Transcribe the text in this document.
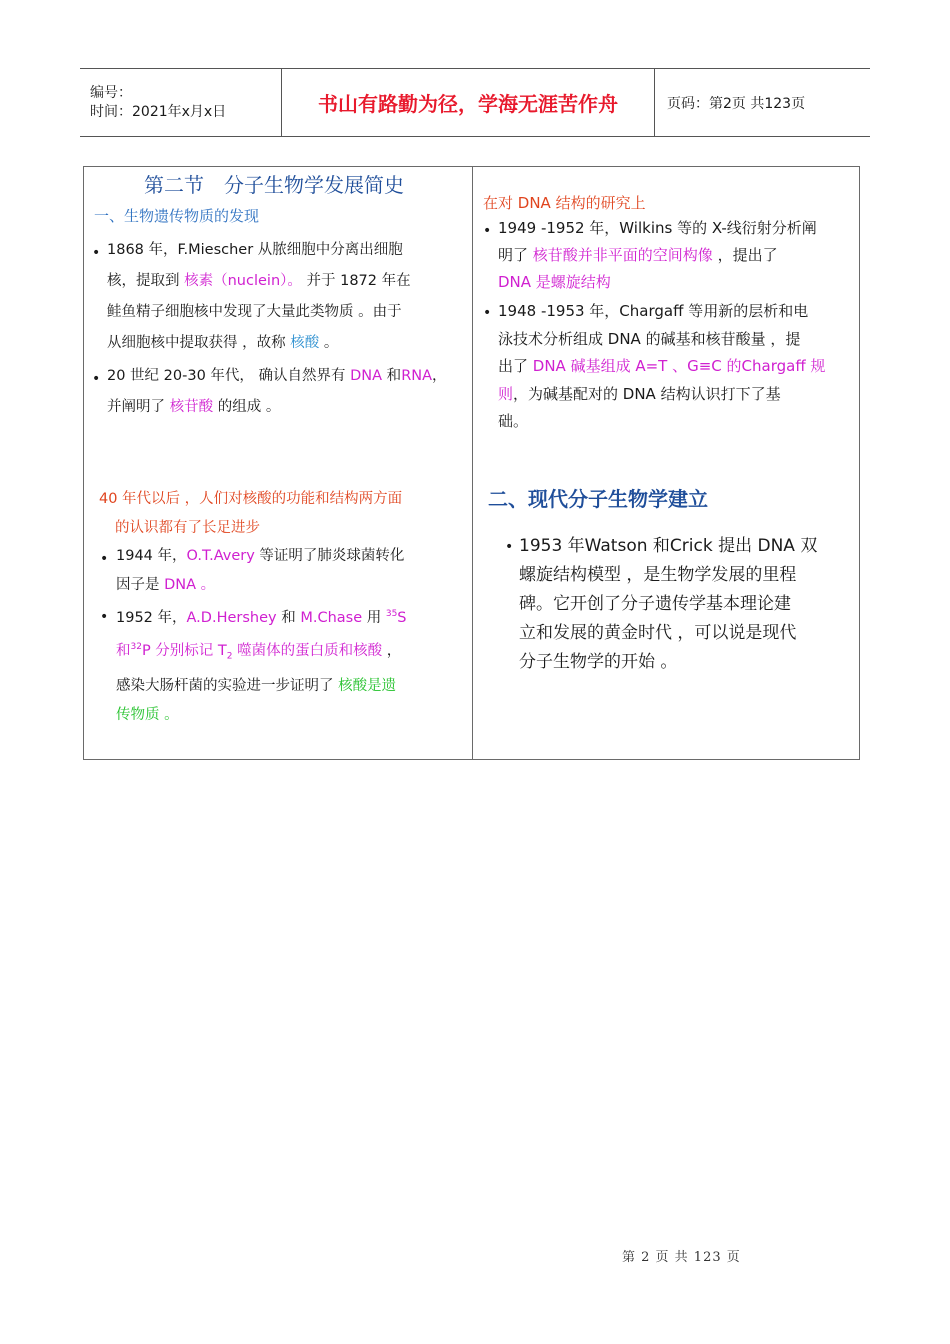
编号：
时间：2021年x月x日	书山有路勤为径，学海无涯苦作舟	页码：第2页 共123页
第二节　分子生物学发展简史
一、生物遗传物质的发现
• 1868 年，F.Miescher 从脓细胞中分离出细胞
核，提取到 核素（nuclein）。 并于 1872 年在
鲑鱼精子细胞核中发现了大量此类物质 。由于
从细胞核中提取获得 ，故称 核酸 。
• 20 世纪 20-30 年代， 确认自然界有 DNA 和RNA，
并阐明了 核苷酸 的组成 。
40 年代以后 ，人们对核酸的功能和结构两方面
的认识都有了长足进步
• 1944 年，O.T.Avery 等证明了肺炎球菌转化
因子是 DNA 。
• 1952 年，A.D.Hershey 和 M.Chase 用 $^{35}$S
和$^{32}$P 分别标记 $T_2$ 噬菌体的蛋白质和核酸 ，
感染大肠杆菌的实验进一步证明了 核酸是遗
传物质 。
在对 DNA 结构的研究上
• 1949 -1952 年，Wilkins 等的 X-线衍射分析阐
明了 核苷酸并非平面的空间构像 ，提出了
DNA 是螺旋结构
• 1948 -1953 年，Chargaff 等用新的层析和电
泳技术分析组成 DNA 的碱基和核苷酸量 ，提
出了 DNA 碱基组成 A=T 、G≡C 的Chargaff 规
则，为碱基配对的 DNA 结构认识打下了基
础。
二、现代分子生物学建立
• 1953 年Watson 和Crick 提出 DNA 双
螺旋结构模型 ，是生物学发展的里程
碑。它开创了分子遗传学基本理论建
立和发展的黄金时代 ，可以说是现代
分子生物学的开始 。
第 2 页 共 123 页
